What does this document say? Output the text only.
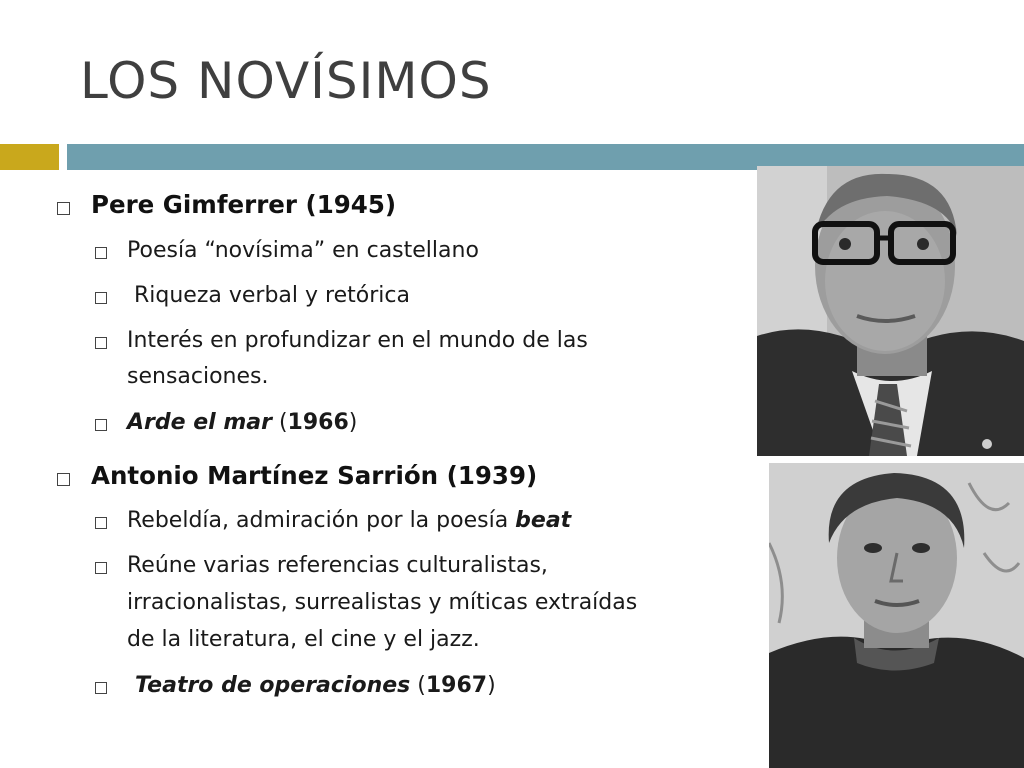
LOS NOVÍSIMOS
Pere Gimferrer (1945)
Poesía “novísima” en castellano
Riqueza verbal y retórica
Interés en profundizar en el mundo de las
sensaciones.
Arde el mar (1966)
Antonio Martínez Sarrión (1939)
Rebeldía, admiración por la poesía beat
Reúne varias referencias culturalistas,
irracionalistas, surrealistas y míticas extraídas
de la literatura, el cine y el jazz.
Teatro de operaciones (1967)
